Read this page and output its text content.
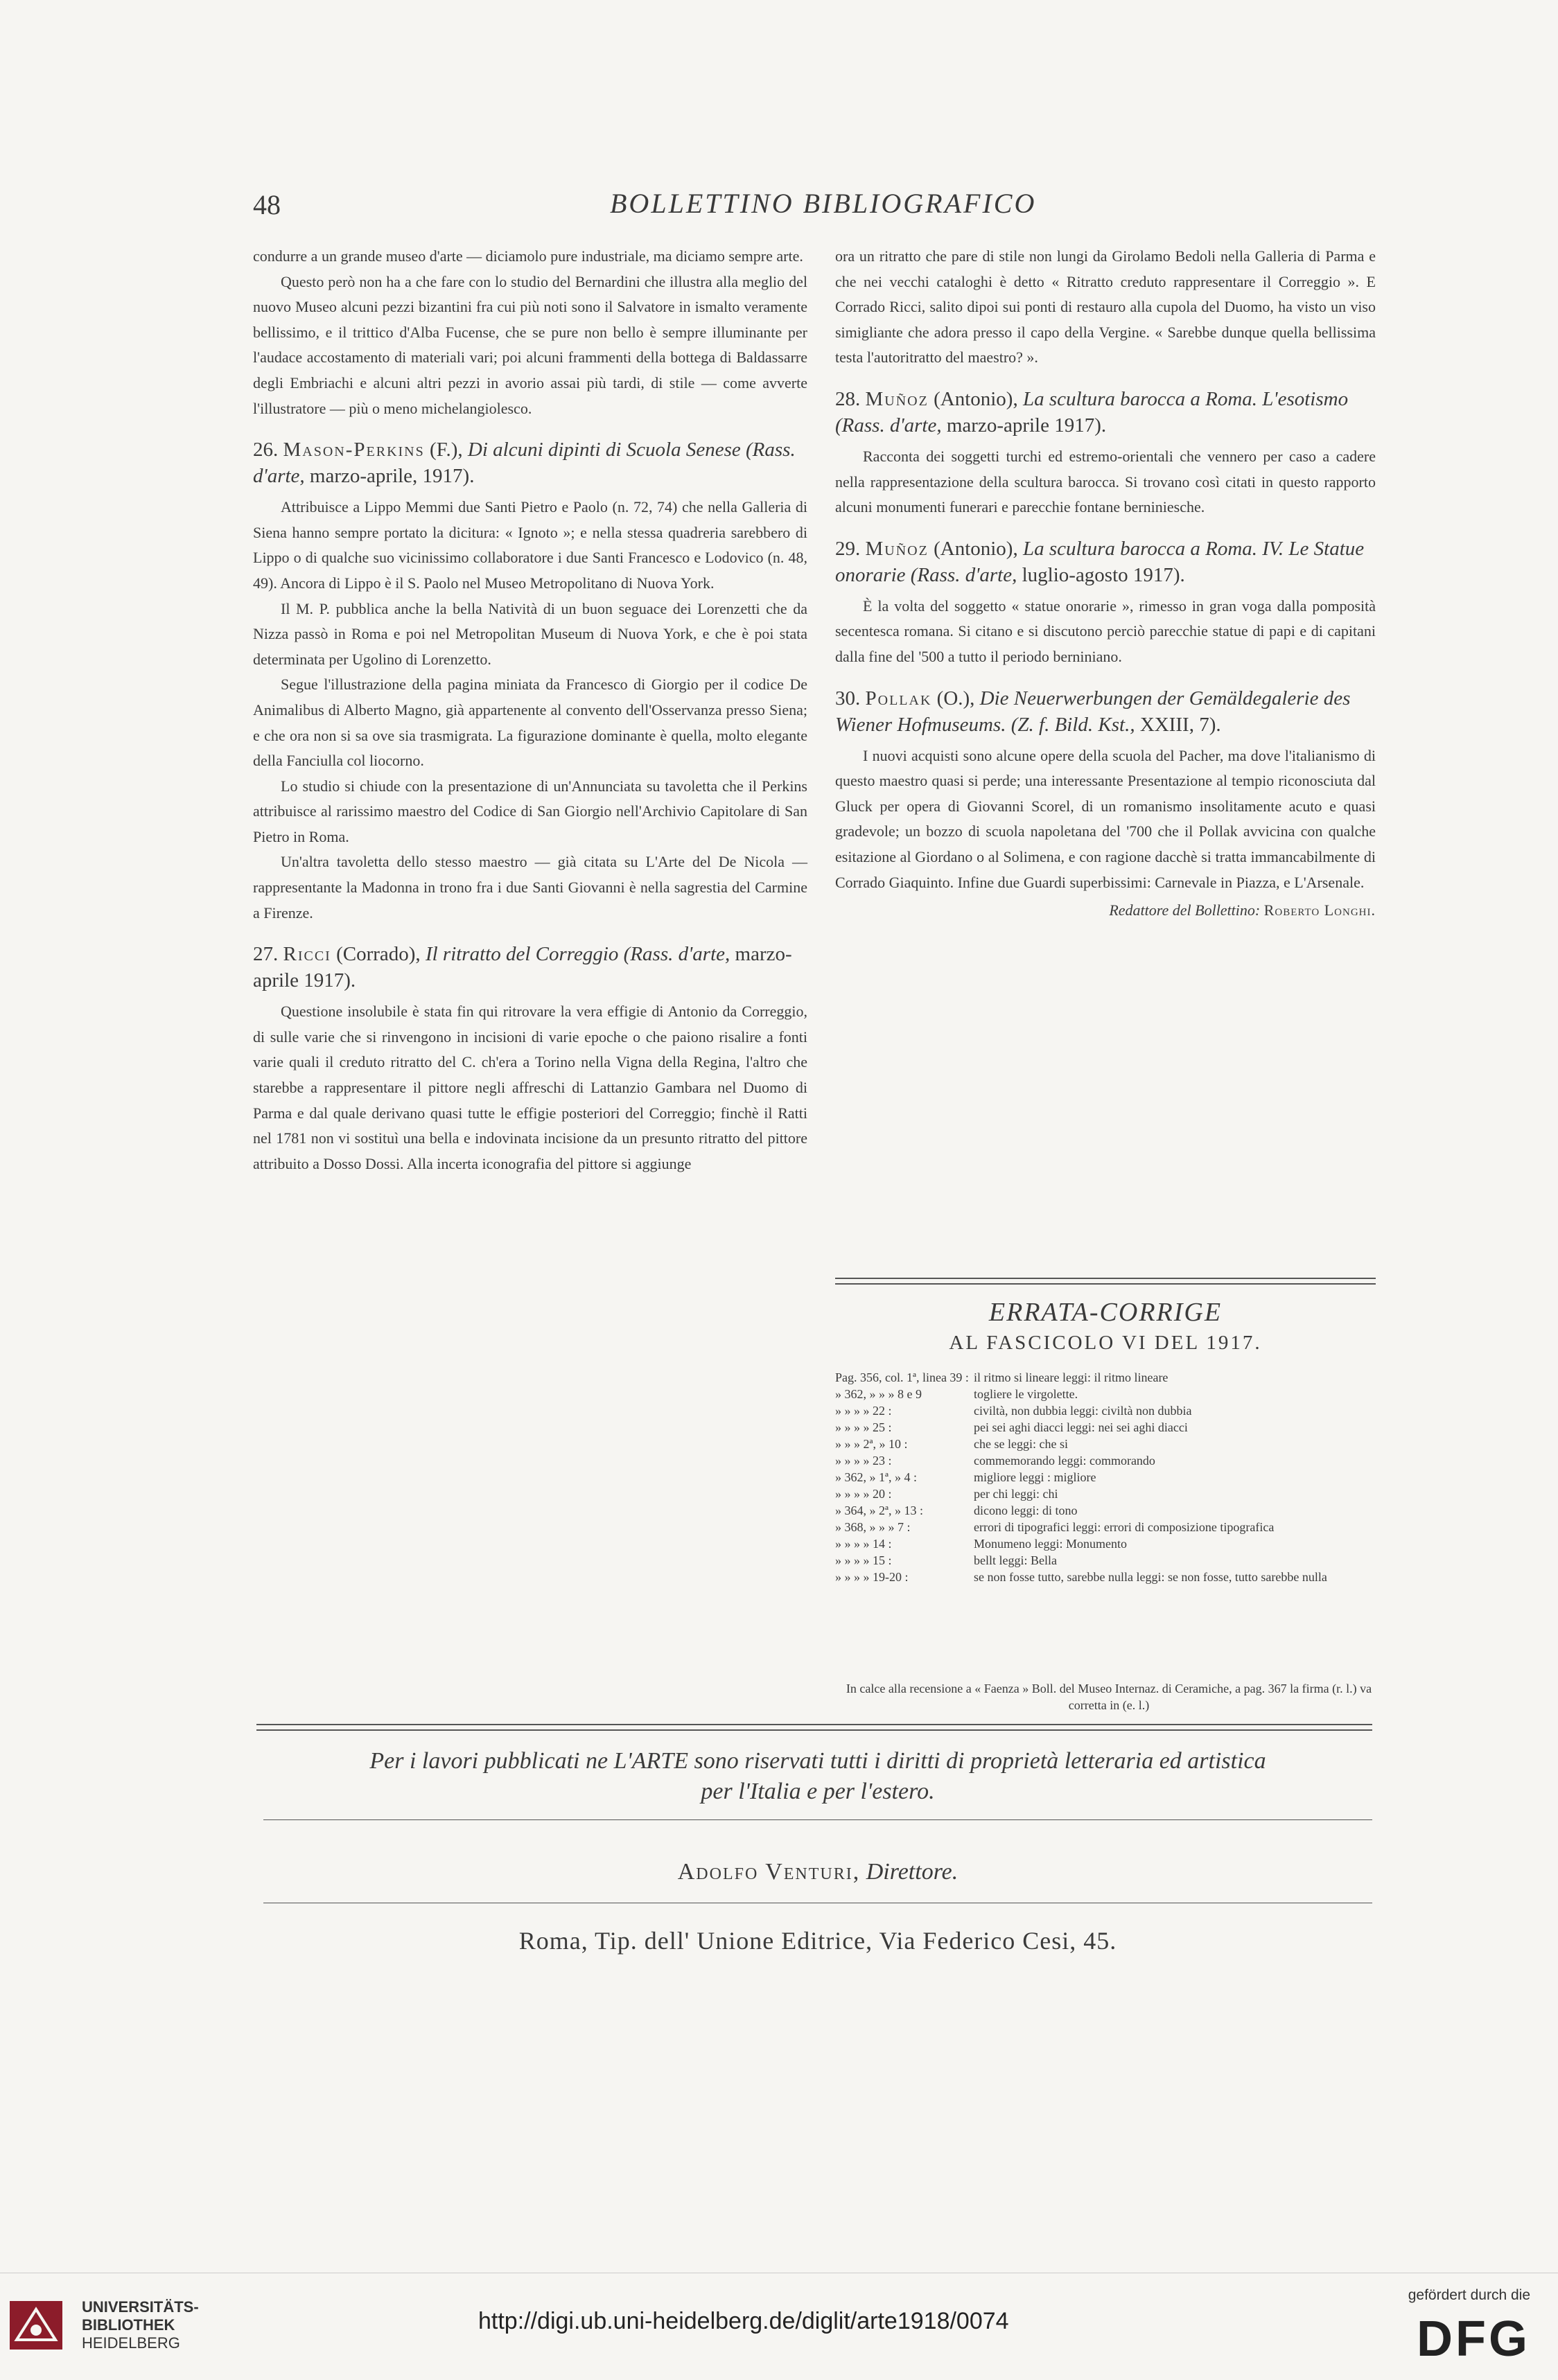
48	BOLLETTINO BIBLIOGRAFICO

condurre a un grande museo d'arte — diciamolo pure industriale, ma diciamo sempre arte.

Questo però non ha a che fare con lo studio del Bernardini che illustra alla meglio del nuovo Museo alcuni pezzi bizantini fra cui più noti sono il Salvatore in ismalto veramente bellissimo, e il trittico d'Alba Fucense, che se pure non bello è sempre illuminante per l'audace accostamento di materiali vari; poi alcuni frammenti della bottega di Baldassarre degli Embriachi e alcuni altri pezzi in avorio assai più tardi, di stile — come avverte l'illustratore — più o meno michelangiolesco.

26. Mason-Perkins (F.), Di alcuni dipinti di Scuola Senese (Rass. d'arte, marzo-aprile, 1917).

Attribuisce a Lippo Memmi due Santi Pietro e Paolo (n. 72, 74) che nella Galleria di Siena hanno sempre portato la dicitura: « Ignoto »; e nella stessa quadreria sarebbero di Lippo o di qualche suo vicinissimo collaboratore i due Santi Francesco e Lodovico (n. 48, 49). Ancora di Lippo è il S. Paolo nel Museo Metropolitano di Nuova York.

Il M. P. pubblica anche la bella Natività di un buon seguace dei Lorenzetti che da Nizza passò in Roma e poi nel Metropolitan Museum di Nuova York, e che è poi stata determinata per Ugolino di Lorenzetto.

Segue l'illustrazione della pagina miniata da Francesco di Giorgio per il codice De Animalibus di Alberto Magno, già appartenente al convento dell'Osservanza presso Siena; e che ora non si sa ove sia trasmigrata. La figurazione dominante è quella, molto elegante della Fanciulla col liocorno.

Lo studio si chiude con la presentazione di un'Annunciata su tavoletta che il Perkins attribuisce al rarissimo maestro del Codice di San Giorgio nell'Archivio Capitolare di San Pietro in Roma.

Un'altra tavoletta dello stesso maestro — già citata su L'Arte del De Nicola — rappresentante la Madonna in trono fra i due Santi Giovanni è nella sagrestia del Carmine a Firenze.

27. Ricci (Corrado), Il ritratto del Correggio (Rass. d'arte, marzo-aprile 1917).

Questione insolubile è stata fin qui ritrovare la vera effigie di Antonio da Correggio, di sulle varie che si rinvengono in incisioni di varie epoche o che paiono risalire a fonti varie quali il creduto ritratto del C. ch'era a Torino nella Vigna della Regina, l'altro che starebbe a rappresentare il pittore negli affreschi di Lattanzio Gambara nel Duomo di Parma e dal quale derivano quasi tutte le effigie posteriori del Correggio; finchè il Ratti nel 1781 non vi sostituì una bella e indovinata incisione da un presunto ritratto del pittore attribuito a Dosso Dossi. Alla incerta iconografia del pittore si aggiunge

ora un ritratto che pare di stile non lungi da Girolamo Bedoli nella Galleria di Parma e che nei vecchi cataloghi è detto « Ritratto creduto rappresentare il Correggio ». E Corrado Ricci, salito dipoi sui ponti di restauro alla cupola del Duomo, ha visto un viso simigliante che adora presso il capo della Vergine. « Sarebbe dunque quella bellissima testa l'autoritratto del maestro? ».

28. Muñoz (Antonio), La scultura barocca a Roma. L'esotismo (Rass. d'arte, marzo-aprile 1917).

Racconta dei soggetti turchi ed estremo-orientali che vennero per caso a cadere nella rappresentazione della scultura barocca. Si trovano così citati in questo rapporto alcuni monumenti funerari e parecchie fontane berniniesche.

29. Muñoz (Antonio), La scultura barocca a Roma. IV. Le Statue onorarie (Rass. d'arte, luglio-agosto 1917).

È la volta del soggetto « statue onorarie », rimesso in gran voga dalla pomposità secentesca romana. Si citano e si discutono perciò parecchie statue di papi e di capitani dalla fine del '500 a tutto il periodo berniniano.

30. Pollak (O.), Die Neuerwerbungen der Gemäldegalerie des Wiener Hofmuseums. (Z. f. Bild. Kst., XXIII, 7).

I nuovi acquisti sono alcune opere della scuola del Pacher, ma dove l'italianismo di questo maestro quasi si perde; una interessante Presentazione al tempio riconosciuta dal Gluck per opera di Giovanni Scorel, di un romanismo insolitamente acuto e quasi gradevole; un bozzo di scuola napoletana del '700 che il Pollak avvicina con qualche esitazione al Giordano o al Solimena, e con ragione dacchè si tratta immancabilmente di Corrado Giaquinto. Infine due Guardi superbissimi: Carnevale in Piazza, e L'Arsenale.

Redattore del Bollettino: Roberto Longhi.

ERRATA-CORRIGE
AL FASCICOLO VI DEL 1917.
Pag. 356, col. 1ª, linea 39 : il ritmo si lineare leggi: il ritmo lineare
» 362, » » » 8 e 9	togliere le virgolette.
» » » » 22 :	civiltà, non dubbia leggi: civiltà non dubbia
» » » » 25 :	pei sei aghi diacci leggi: nei sei aghi diacci
» » » 2ª, » 10 :	che se leggi: che si
» » » » 23 :	commemorando leggi: commorando
» 362, » 1ª, » 4 :	migliore leggi : migliore
» » » » 20 :	per chi leggi: chi
» 364, » 2ª, » 13 :	dicono leggi: di tono
» 368, » » » 7 :	errori di tipografici leggi: errori di composizione tipografica
» » » » 14 :	Monumeno leggi: Monumento
» » » » 15 :	bellt leggi: Bella
» » » » 19-20 :	se non fosse tutto, sarebbe nulla leggi: se non fosse, tutto sarebbe nulla
In calce alla recensione a « Faenza » Boll. del Museo Internaz. di Ceramiche, a pag. 367 la firma (r. l.) va corretta in (e. l.)
Per i lavori pubblicati ne L'ARTE sono riservati tutti i diritti di proprietà letteraria ed artistica
per l'Italia e per l'estero.
Adolfo Venturi, Direttore.
Roma, Tip. dell' Unione Editrice, Via Federico Cesi, 45.
UNIVERSITÄTS-
BIBLIOTHEK
HEIDELBERG
http://digi.ub.uni-heidelberg.de/diglit/arte1918/0074
gefördert durch die
DFG
